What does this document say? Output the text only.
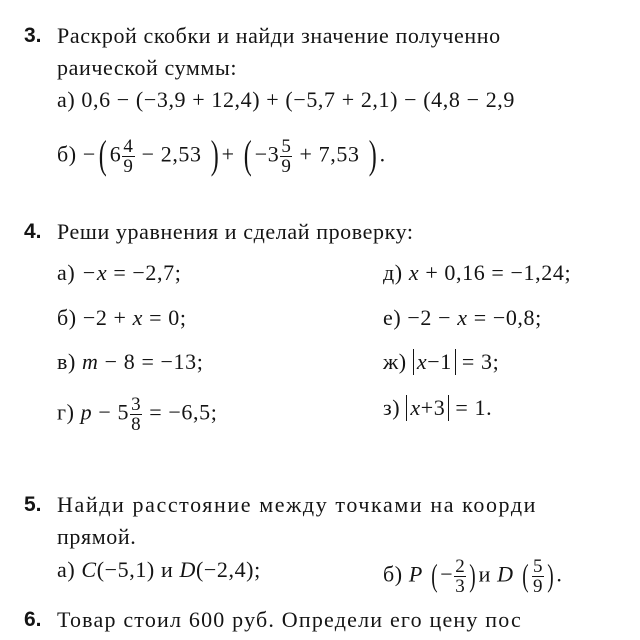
3. Раскрой скобки и найди значение полученно
раической суммы:
а) 0,6 − (−3,9 + 12,4) + (−5,7 + 2,1) − (4,8 − 2,9
б) −( $6 \frac{4}{9} - 2,53$ ) + ( $-3 \frac{5}{9} + 7,53$ ) .
4. Реши уравнения и сделай проверку:
а) −x = −2,7;
б) −2 + x = 0;
в) m − 8 = −13;
г) $p - 5 \frac{3}{8} = -6,5$;
д) x + 0,16 = −1,24;
е) −2 − x = −0,8;
ж) x−1 = 3;
з) x+3 = 1.
5. Найди расстояние между точками на коорди
прямой.
а) C(−5,1) и D(−2,4);	б) P ( − $\frac{2}{3}$ ) и D ( $\frac{5}{9}$ ) .
6. Товар стоил 600 руб. Определи его цену пос
